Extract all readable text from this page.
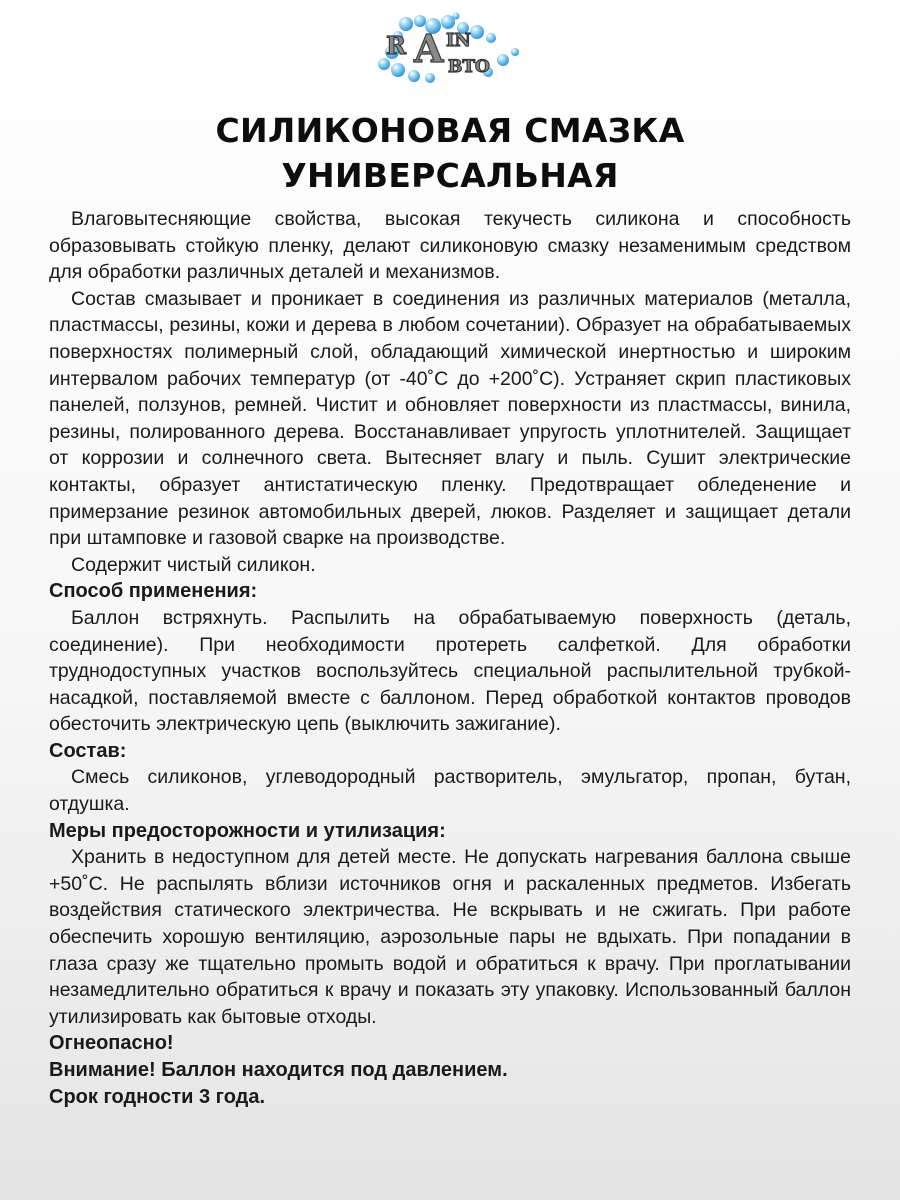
R A IN
ВТО
СИЛИКОНОВАЯ СМАЗКА
УНИВЕРСАЛЬНАЯ

Влаговытесняющие свойства, высокая текучесть силикона и способность образовывать стойкую пленку, делают силиконовую смазку незаменимым средством для обработки различных деталей и механизмов.

Состав смазывает и проникает в соединения из различных материалов (металла, пластмассы, резины, кожи и дерева в любом сочетании). Образует на обрабатываемых поверхностях полимерный слой, обладающий химической инертностью и широким интервалом рабочих температур (от -40˚С до +200˚С). Устраняет скрип пластиковых панелей, ползунов, ремней. Чистит и обновляет поверхности из пластмассы, винила, резины, полированного дерева. Восстанавливает упругость уплотнителей. Защищает от коррозии и солнечного света. Вытесняет влагу и пыль. Сушит электрические контакты, образует антистатическую пленку. Предотвращает обледенение и примерзание резинок автомобильных дверей, люков. Разделяет и защищает детали при штамповке и газовой сварке на производстве.

Содержит чистый силикон.

Способ применения:

Баллон встряхнуть. Распылить на обрабатываемую поверхность (деталь, соединение). При необходимости протереть салфеткой. Для обработки труднодоступных участков воспользуйтесь специальной распылительной трубкой-насадкой, поставляемой вместе с баллоном. Перед обработкой контактов проводов обесточить электрическую цепь (выключить зажигание).

Состав:

Смесь силиконов, углеводородный растворитель, эмульгатор, пропан, бутан, отдушка.

Меры предосторожности и утилизация:

Хранить в недоступном для детей месте. Не допускать нагревания баллона свыше +50˚С. Не распылять вблизи источников огня и раскаленных предметов. Избегать воздействия статического электричества. Не вскрывать и не сжигать. При работе обеспечить хорошую вентиляцию, аэрозольные пары не вдыхать. При попадании в глаза сразу же тщательно промыть водой и обратиться к врачу. При проглатывании незамедлительно обратиться к врачу и показать эту упаковку. Использованный баллон утилизировать как бытовые отходы.

Огнеопасно!

Внимание! Баллон находится под давлением.

Срок годности 3 года.
